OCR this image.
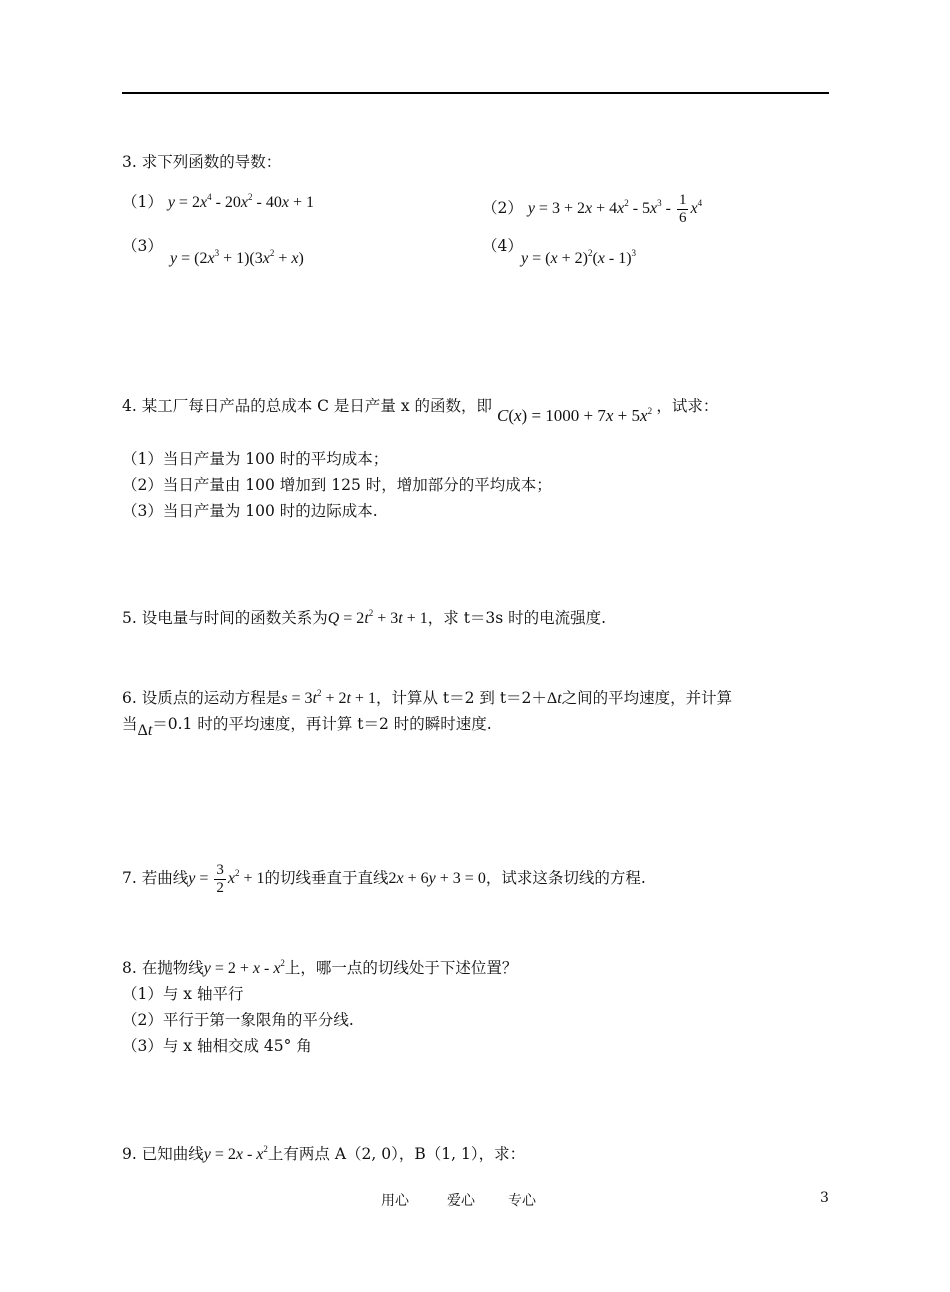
3. 求下列函数的导数：
（1） $y = 2x^4 - 20x^2 - 40x + 1$	（2） $y = 3 + 2x + 4x^2 - 5x^3 - \frac{1}{6} x^4$
（3）
$y = (2x^3 + 1)(3x^2 + x)$
（4）
$y = (x + 2)^2(x - 1)^3$
4. 某工厂每日产品的总成本 C 是日产量 x 的函数，即 $C(x) = 1000 + 7x + 5x^2$ ，试求：
（1）当日产量为 100 时的平均成本；
（2）当日产量由 100 增加到 125 时，增加部分的平均成本；
（3）当日产量为 100 时的边际成本.
5. 设电量与时间的函数关系为$Q = 2t^2 + 3t + 1$，求 t＝3s 时的电流强度.
6. 设质点的运动方程是$s = 3t^2 + 2t + 1$，计算从 t＝2 到 t＝2＋Δt之间的平均速度，并计算
当Δt＝0.1 时的平均速度，再计算 t＝2 时的瞬时速度.
7. 若曲线$y = \frac{3}{2} x^2 + 1$的切线垂直于直线2x + 6y + 3 = 0，试求这条切线的方程.
8. 在抛物线$y = 2 + x - x^2$上，哪一点的切线处于下述位置？
（1）与 x 轴平行
（2）平行于第一象限角的平分线.
（3）与 x 轴相交成 45° 角
9. 已知曲线$y = 2x - x^2$上有两点 A（2, 0），B（1, 1），求：
用心	爱心 专心	3
